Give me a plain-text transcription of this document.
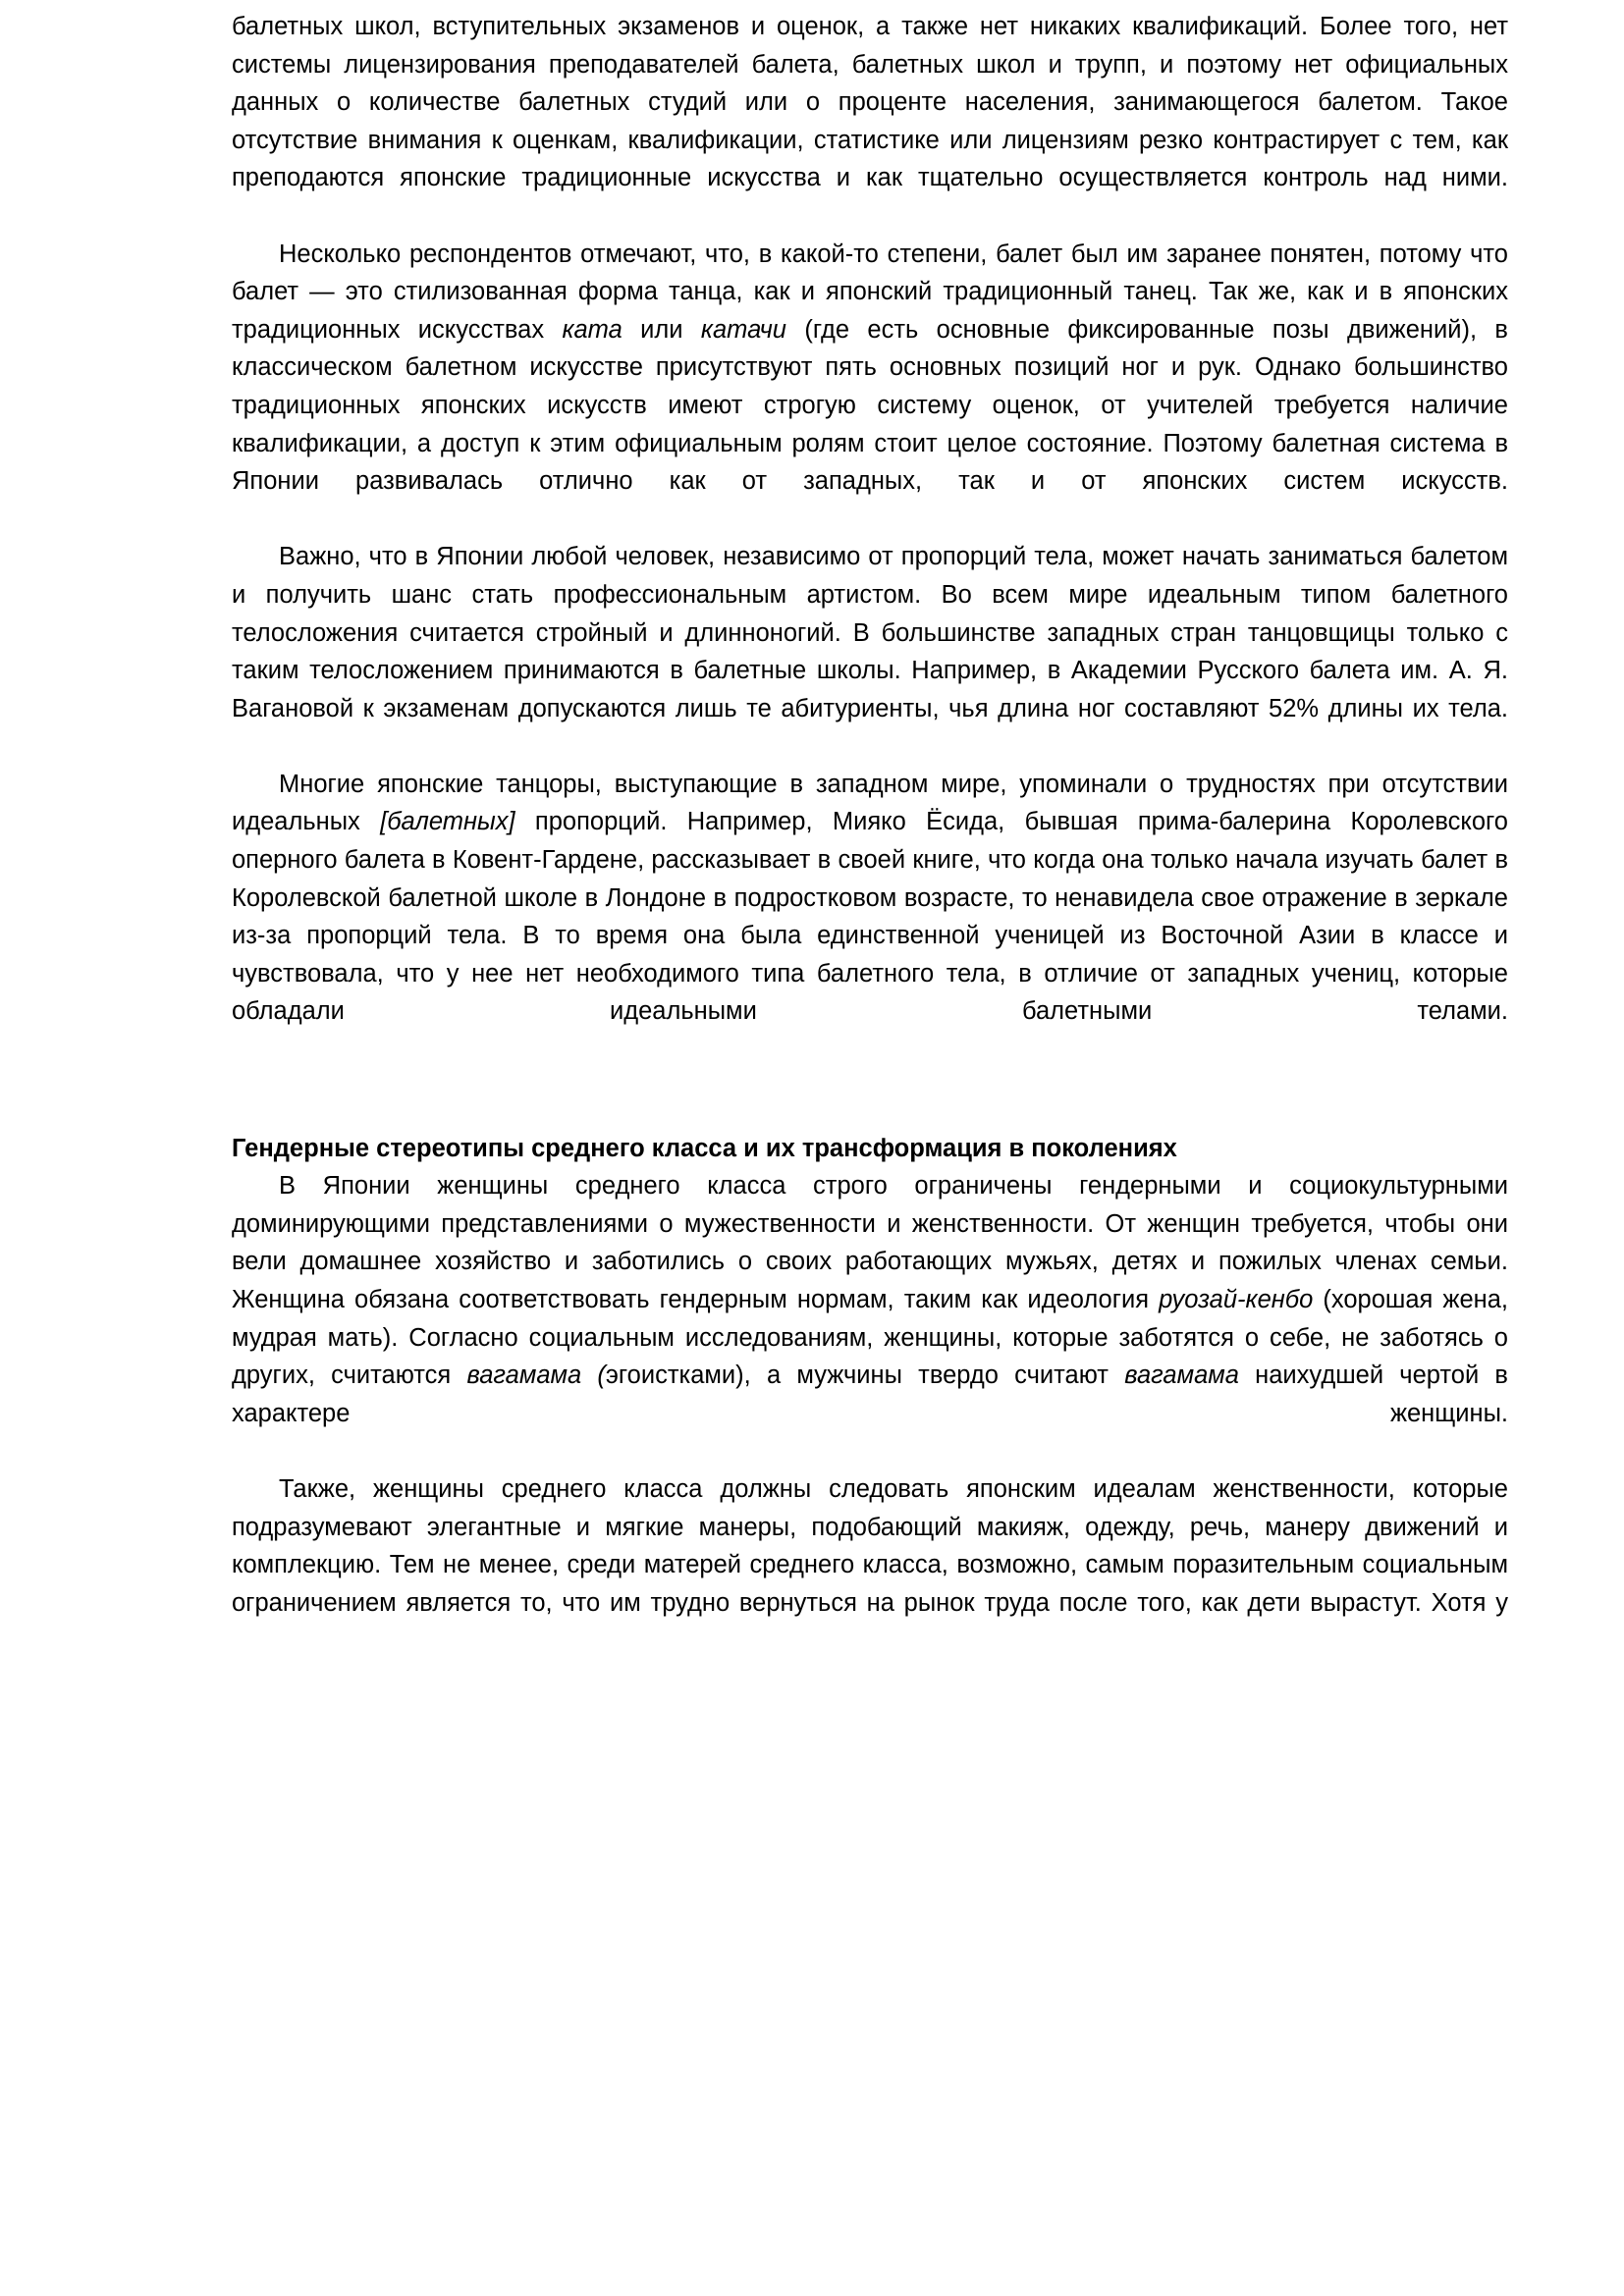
балетных школ, вступительных экзаменов и оценок, а также нет никаких квалификаций. Более того, нет системы лицензирования преподавателей балета, балетных школ и трупп, и поэтому нет официальных данных о количестве балетных студий или о проценте населения, занимающегося балетом. Такое отсутствие внимания к оценкам, квалификации, статистике или лицензиям резко контрастирует с тем, как преподаются японские традиционные искусства и как тщательно осуществляется контроль над ними.

Несколько респондентов отмечают, что, в какой-то степени, балет был им заранее понятен, потому что балет — это стилизованная форма танца, как и японский традиционный танец. Так же, как и в японских традиционных искусствах ката или катачи (где есть основные фиксированные позы движений), в классическом балетном искусстве присутствуют пять основных позиций ног и рук. Однако большинство традиционных японских искусств имеют строгую систему оценок, от учителей требуется наличие квалификации, а доступ к этим официальным ролям стоит целое состояние. Поэтому балетная система в Японии развивалась отлично как от западных, так и от японских систем искусств.

Важно, что в Японии любой человек, независимо от пропорций тела, может начать заниматься балетом и получить шанс стать профессиональным артистом. Во всем мире идеальным типом балетного телосложения считается стройный и длинноногий. В большинстве западных стран танцовщицы только с таким телосложением принимаются в балетные школы. Например, в Академии Русского балета им. А. Я. Вагановой к экзаменам допускаются лишь те абитуриенты, чья длина ног составляют 52% длины их тела.

Многие японские танцоры, выступающие в западном мире, упоминали о трудностях при отсутствии идеальных [балетных] пропорций. Например, Мияко Ёсида, бывшая прима-балерина Королевского оперного балета в Ковент-Гардене, рассказывает в своей книге, что когда она только начала изучать балет в Королевской балетной школе в Лондоне в подростковом возрасте, то ненавидела свое отражение в зеркале из-за пропорций тела. В то время она была единственной ученицей из Восточной Азии в классе и чувствовала, что у нее нет необходимого типа балетного тела, в отличие от западных учениц, которые обладали идеальными балетными телами.

Гендерные стереотипы среднего класса и их трансформация в поколениях

В Японии женщины среднего класса строго ограничены гендерными и социокультурными доминирующими представлениями о мужественности и женственности. От женщин требуется, чтобы они вели домашнее хозяйство и заботились о своих работающих мужьях, детях и пожилых членах семьи. Женщина обязана соответствовать гендерным нормам, таким как идеология руозай-кенбо (хорошая жена, мудрая мать). Согласно социальным исследованиям, женщины, которые заботятся о себе, не заботясь о других, считаются вагамама (эгоистками), а мужчины твердо считают вагамама наихудшей чертой в характере женщины.

Также, женщины среднего класса должны следовать японским идеалам женственности, которые подразумевают элегантные и мягкие манеры, подобающий макияж, одежду, речь, манеру движений и комплекцию. Тем не менее, среди матерей среднего класса, возможно, самым поразительным социальным ограничением является то, что им трудно вернуться на рынок труда после того, как дети вырастут. Хотя у
